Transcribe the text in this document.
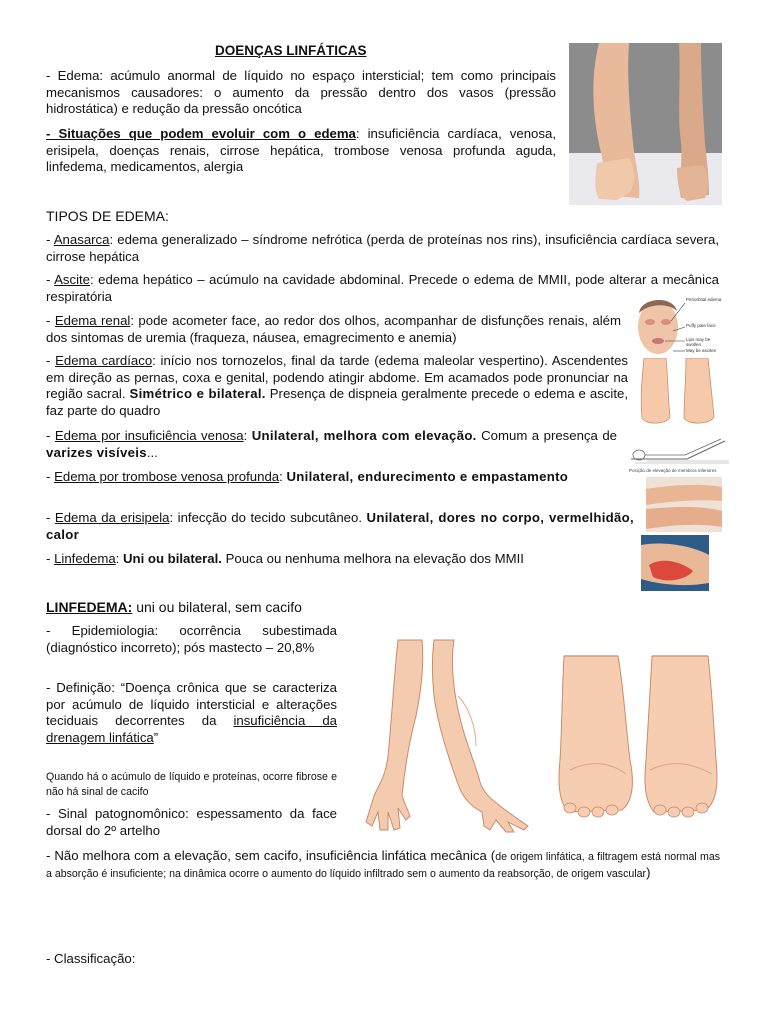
DOENÇAS LINFÁTICAS

- Edema: acúmulo anormal de líquido no espaço intersticial; tem como principais mecanismos causadores: o aumento da pressão dentro dos vasos (pressão hidrostática) e redução da pressão oncótica

- Situações que podem evoluir com o edema: insuficiência cardíaca, venosa, erisipela, doenças renais, cirrose hepática, trombose venosa profunda aguda, linfedema, medicamentos, alergia

TIPOS DE EDEMA:

- Anasarca: edema generalizado – síndrome nefrótica (perda de proteínas nos rins), insuficiência cardíaca severa, cirrose hepática

- Ascite: edema hepático – acúmulo na cavidade abdominal. Precede o edema de MMII, pode alterar a mecânica respiratória

- Edema renal: pode acometer face, ao redor dos olhos, acompanhar de disfunções renais, além dos sintomas de uremia (fraqueza, náusea, emagrecimento e anemia)

- Edema cardíaco: início nos tornozelos, final da tarde (edema maleolar vespertino). Ascendentes em direção as pernas, coxa e genital, podendo atingir abdome. Em acamados pode pronunciar na região sacral. Simétrico e bilateral. Presença de dispneia geralmente precede o edema e ascite, faz parte do quadro

- Edema por insuficiência venosa: Unilateral, melhora com elevação. Comum a presença de varizes visíveis...

- Edema por trombose venosa profunda: Unilateral, endurecimento e empastamento

- Edema da erisipela: infecção do tecido subcutâneo. Unilateral, dores no corpo, vermelhidão, calor

- Linfedema: Uni ou bilateral. Pouca ou nenhuma melhora na elevação dos MMII

Periorbital edema
Puffy pale face
Lips may be swollen
May be ascites
Posição de elevação de membros inferiores

LINFEDEMA: uni ou bilateral, sem cacifo

- Epidemiologia: ocorrência subestimada (diagnóstico incorreto); pós mastecto – 20,8%

- Definição: “Doença crônica que se caracteriza por acúmulo de líquido intersticial e alterações teciduais decorrentes da insuficiência da drenagem linfática”

Quando há o acúmulo de líquido e proteínas, ocorre fibrose e não há sinal de cacifo

- Sinal patognomônico: espessamento da face dorsal do 2º artelho

- Não melhora com a elevação, sem cacifo, insuficiência linfática mecânica (de origem linfática, a filtragem está normal mas a absorção é insuficiente; na dinâmica ocorre o aumento do líquido infiltrado sem o aumento da reabsorção, de origem vascular)

- Classificação:
